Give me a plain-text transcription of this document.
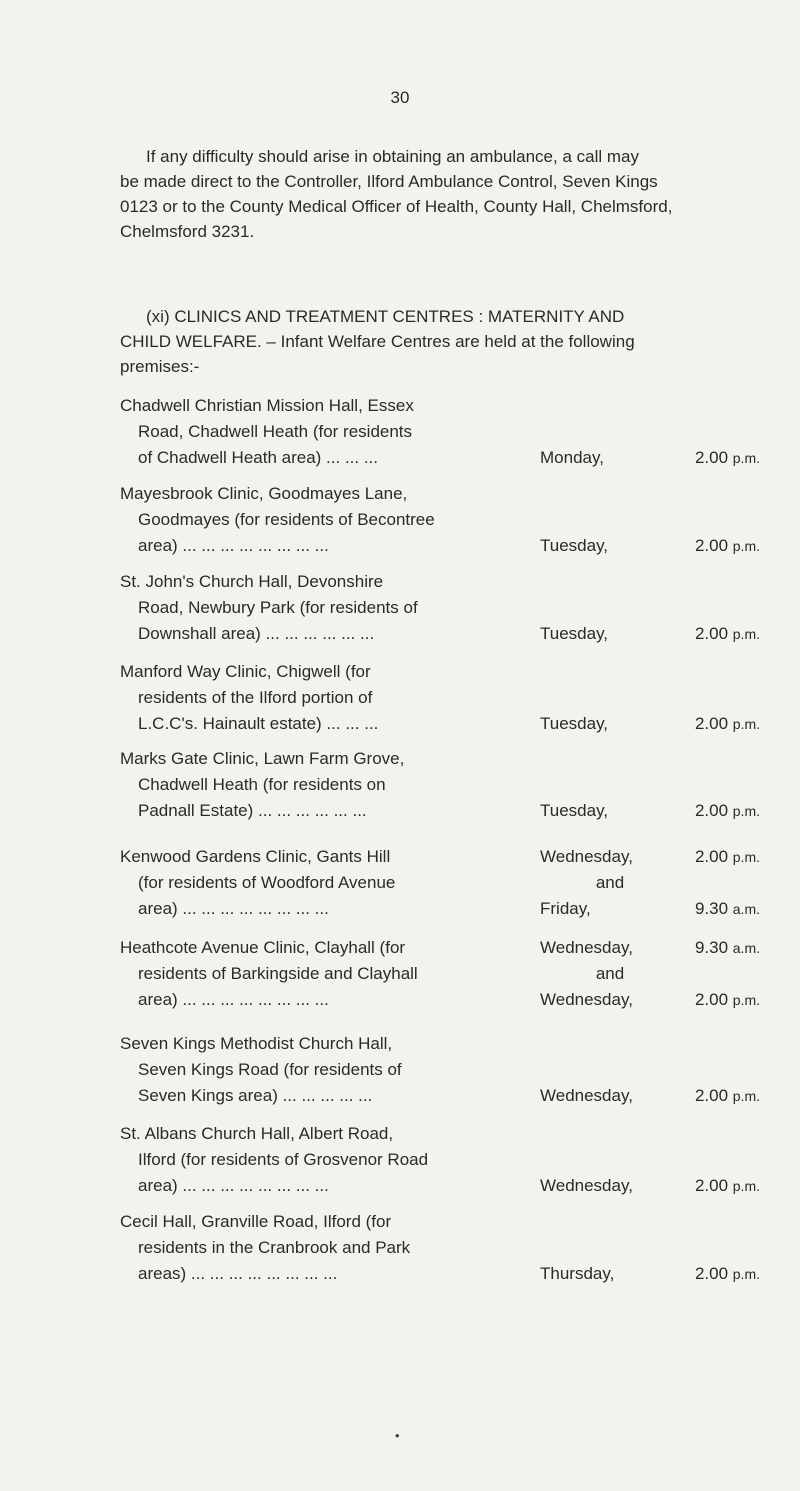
30
If any difficulty should arise in obtaining an ambulance, a call may
be made direct to the Controller, Ilford Ambulance Control, Seven Kings
0123 or to the County Medical Officer of Health, County Hall, Chelmsford,
Chelmsford 3231.
(xi) CLINICS AND TREATMENT CENTRES : MATERNITY AND
CHILD WELFARE. – Infant Welfare Centres are held at the following
premises:-
Chadwell Christian Mission Hall, Essex
Road, Chadwell Heath (for residents
of Chadwell Heath area) ... ... ...	Monday,	2.00 p.m.
Mayesbrook Clinic, Goodmayes Lane,
Goodmayes (for residents of Becontree
area) ... ... ... ... ... ... ... ...	Tuesday,	2.00 p.m.
St. John's Church Hall, Devonshire
Road, Newbury Park (for residents of
Downshall area) ... ... ... ... ... ...	Tuesday,	2.00 p.m.
Manford Way Clinic, Chigwell (for
residents of the Ilford portion of
L.C.C's. Hainault estate) ... ... ...	Tuesday,	2.00 p.m.
Marks Gate Clinic, Lawn Farm Grove,
Chadwell Heath (for residents on
Padnall Estate) ... ... ... ... ... ...	Tuesday,	2.00 p.m.
Kenwood Gardens Clinic, Gants Hill
(for residents of Woodford Avenue
area) ... ... ... ... ... ... ... ...
Wednesday,	2.00 p.m.
and
Friday,	9.30 a.m.
Heathcote Avenue Clinic, Clayhall (for
residents of Barkingside and Clayhall
area) ... ... ... ... ... ... ... ...
Wednesday,	9.30 a.m.
and
Wednesday,	2.00 p.m.
Seven Kings Methodist Church Hall,
Seven Kings Road (for residents of
Seven Kings area) ... ... ... ... ...	Wednesday,	2.00 p.m.
St. Albans Church Hall, Albert Road,
Ilford (for residents of Grosvenor Road
area) ... ... ... ... ... ... ... ...	Wednesday,	2.00 p.m.
Cecil Hall, Granville Road, Ilford (for
residents in the Cranbrook and Park
areas) ... ... ... ... ... ... ... ...	Thursday,	2.00 p.m.
•
